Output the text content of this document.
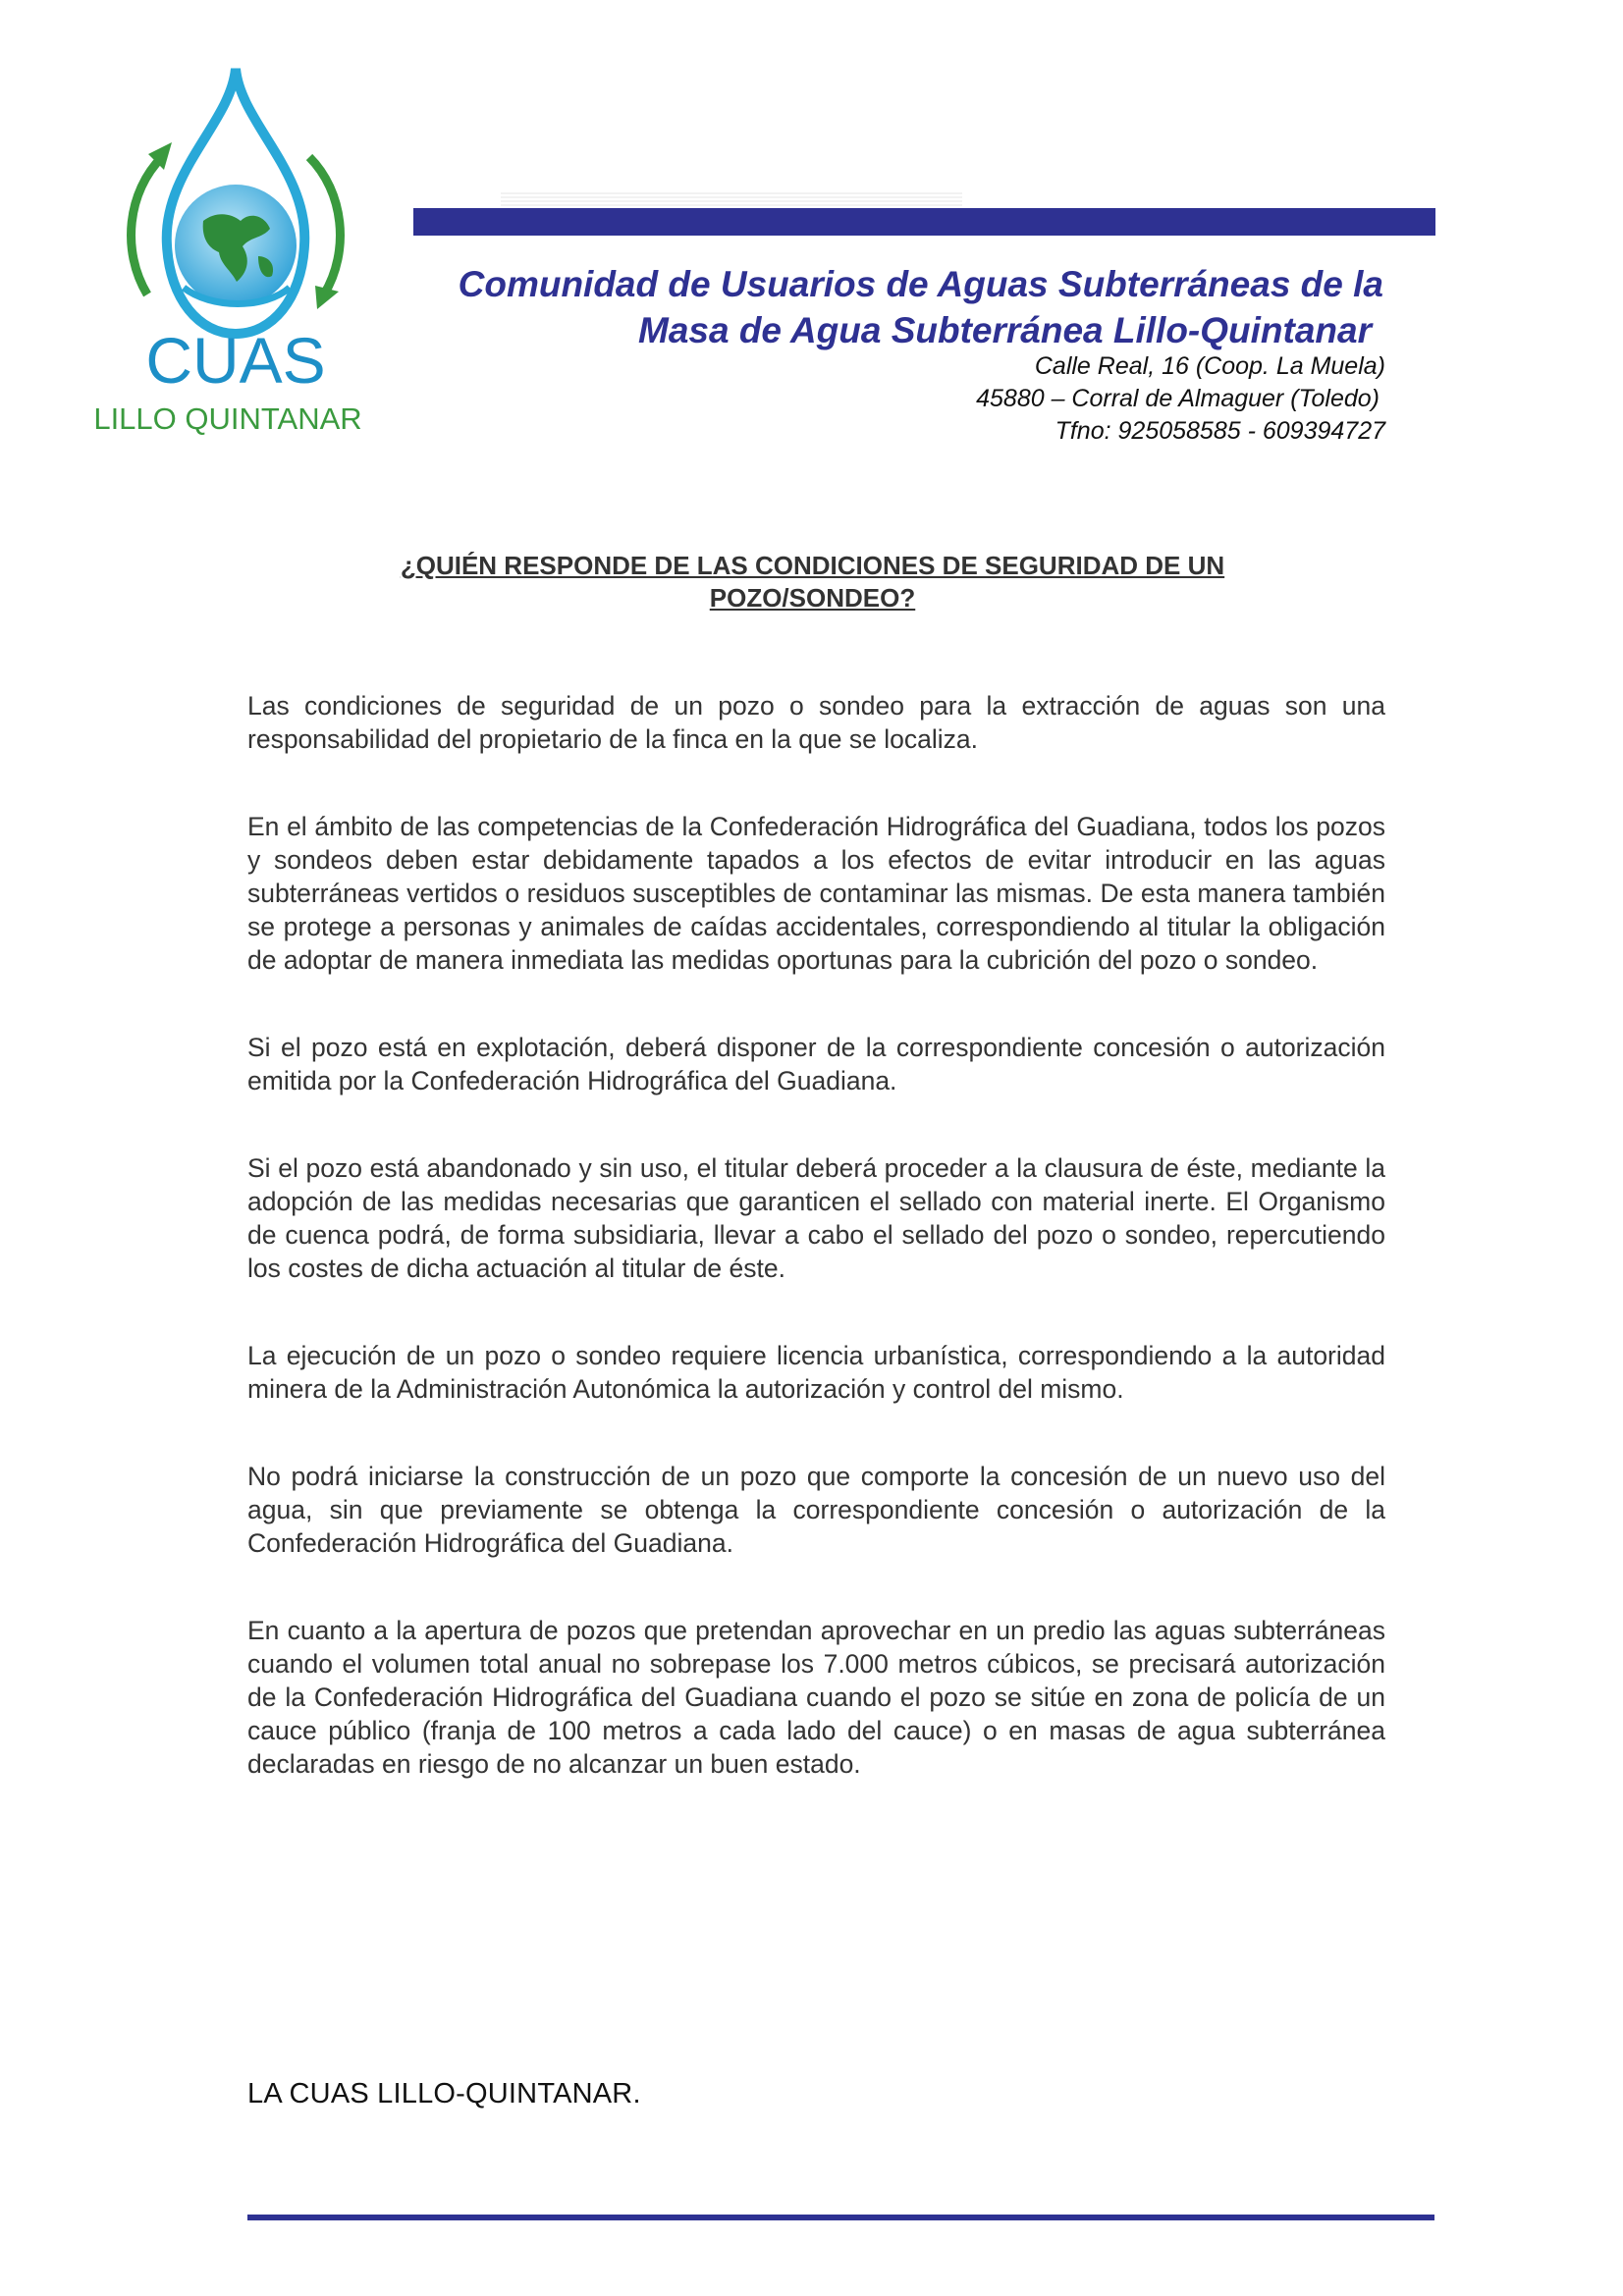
CUAS
LILLO QUINTANAR
Comunidad de Usuarios de Aguas Subterráneas de la
Masa de Agua Subterránea Lillo-Quintanar
Calle Real, 16 (Coop. La Muela)
45880 – Corral de Almaguer (Toledo)
Tfno: 925058585 - 609394727
¿QUIÉN RESPONDE DE LAS CONDICIONES DE SEGURIDAD DE UN
POZO/SONDEO?

Las condiciones de seguridad de un pozo o sondeo para la extracción de aguas son una responsabilidad del propietario de la finca en la que se localiza.

En el ámbito de las competencias de la Confederación Hidrográfica del Guadiana, todos los pozos y sondeos deben estar debidamente tapados a los efectos de evitar introducir en las aguas subterráneas vertidos o residuos susceptibles de contaminar las mismas. De esta manera también se protege a personas y animales de caídas accidentales, correspondiendo al titular la obligación de adoptar de manera inmediata las medidas oportunas para la cubrición del pozo o sondeo.

Si el pozo está en explotación, deberá disponer de la correspondiente concesión o autorización emitida por la Confederación Hidrográfica del Guadiana.

Si el pozo está abandonado y sin uso, el titular deberá proceder a la clausura de éste, mediante la adopción de las medidas necesarias que garanticen el sellado con material inerte. El Organismo de cuenca podrá, de forma subsidiaria, llevar a cabo el sellado del pozo o sondeo, repercutiendo los costes de dicha actuación al titular de éste.

La ejecución de un pozo o sondeo requiere licencia urbanística, correspondiendo a la autoridad minera de la Administración Autonómica la autorización y control del mismo.

No podrá iniciarse la construcción de un pozo que comporte la concesión de un nuevo uso del agua, sin que previamente se obtenga la correspondiente concesión o autorización de la Confederación Hidrográfica del Guadiana.

En cuanto a la apertura de pozos que pretendan aprovechar en un predio las aguas subterráneas cuando el volumen total anual no sobrepase los 7.000 metros cúbicos, se precisará autorización de la Confederación Hidrográfica del Guadiana cuando el pozo se sitúe en zona de policía de un cauce público (franja de 100 metros a cada lado del cauce) o en masas de agua subterránea declaradas en riesgo de no alcanzar un buen estado.

LA CUAS LILLO-QUINTANAR.
